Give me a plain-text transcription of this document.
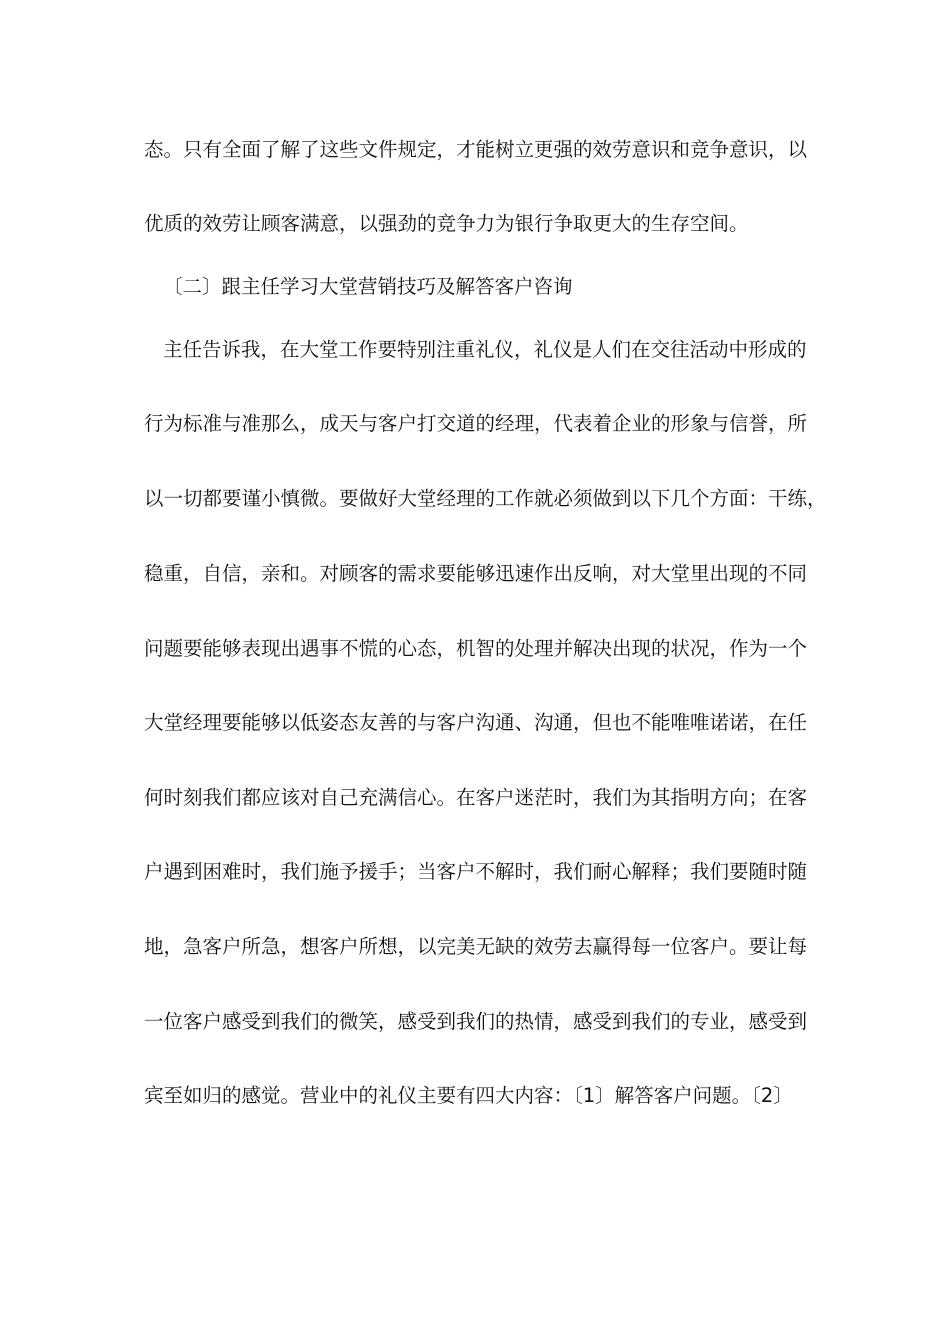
态。只有全面了解了这些文件规定，才能树立更强的效劳意识和竞争意识，以
优质的效劳让顾客满意，以强劲的竞争力为银行争取更大的生存空间。
〔二〕跟主任学习大堂营销技巧及解答客户咨询
主任告诉我，在大堂工作要特别注重礼仪，礼仪是人们在交往活动中形成的
行为标准与准那么，成天与客户打交道的经理，代表着企业的形象与信誉，所
以一切都要谨小慎微。要做好大堂经理的工作就必须做到以下几个方面：干练，
稳重，自信，亲和。对顾客的需求要能够迅速作出反响，对大堂里出现的不同
问题要能够表现出遇事不慌的心态，机智的处理并解决出现的状况，作为一个
大堂经理要能够以低姿态友善的与客户沟通、沟通，但也不能唯唯诺诺，在任
何时刻我们都应该对自己充满信心。在客户迷茫时，我们为其指明方向；在客
户遇到困难时，我们施予援手；当客户不解时，我们耐心解释；我们要随时随
地，急客户所急，想客户所想，以完美无缺的效劳去赢得每一位客户。要让每
一位客户感受到我们的微笑，感受到我们的热情，感受到我们的专业，感受到
宾至如归的感觉。营业中的礼仪主要有四大内容：〔1〕解答客户问题。〔2〕
